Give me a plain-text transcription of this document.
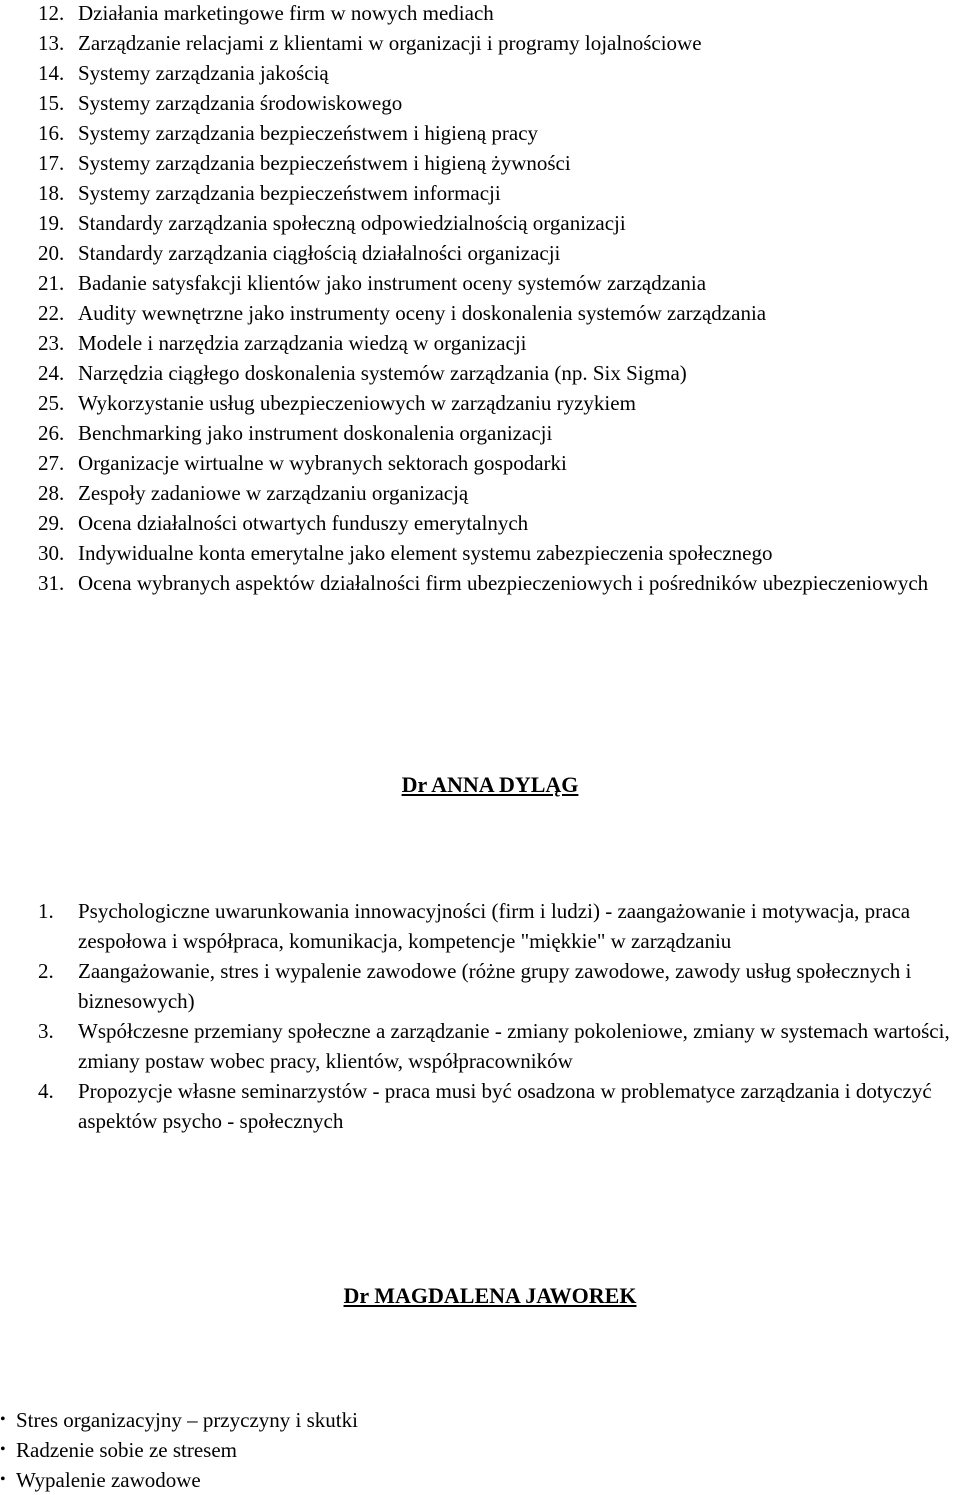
12. Działania marketingowe firm w nowych mediach
13. Zarządzanie relacjami z klientami w organizacji i programy lojalnościowe
14. Systemy zarządzania jakością
15. Systemy zarządzania środowiskowego
16. Systemy zarządzania bezpieczeństwem i higieną pracy
17. Systemy zarządzania bezpieczeństwem i higieną żywności
18. Systemy zarządzania bezpieczeństwem informacji
19. Standardy zarządzania społeczną odpowiedzialnością organizacji
20. Standardy zarządzania ciągłością działalności organizacji
21. Badanie satysfakcji klientów jako instrument oceny systemów zarządzania
22. Audity wewnętrzne jako instrumenty oceny i doskonalenia systemów zarządzania
23. Modele i narzędzia zarządzania wiedzą w organizacji
24. Narzędzia ciągłego doskonalenia systemów zarządzania (np. Six Sigma)
25. Wykorzystanie usług ubezpieczeniowych w zarządzaniu ryzykiem
26. Benchmarking jako instrument doskonalenia organizacji
27. Organizacje wirtualne w wybranych sektorach gospodarki
28. Zespoły zadaniowe w zarządzaniu organizacją
29. Ocena działalności otwartych funduszy emerytalnych
30. Indywidualne konta emerytalne jako element systemu zabezpieczenia społecznego
31. Ocena wybranych aspektów działalności firm ubezpieczeniowych i pośredników ubezpieczeniowych
Dr ANNA DYLĄG
1.	Psychologiczne uwarunkowania innowacyjności (firm i ludzi) - zaangażowanie i motywacja, praca zespołowa i współpraca, komunikacja, kompetencje "miękkie" w zarządzaniu
2.	Zaangażowanie, stres i wypalenie zawodowe (różne grupy zawodowe, zawody usług społecznych i biznesowych)
3.	Współczesne przemiany społeczne a zarządzanie - zmiany pokoleniowe, zmiany w systemach wartości, zmiany postaw wobec pracy, klientów, współpracowników
4.	Propozycje własne seminarzystów - praca musi być osadzona w problematyce zarządzania i dotyczyć aspektów psycho - społecznych
Dr MAGDALENA JAWOREK
• Stres organizacyjny – przyczyny i skutki
• Radzenie sobie ze stresem
• Wypalenie zawodowe
